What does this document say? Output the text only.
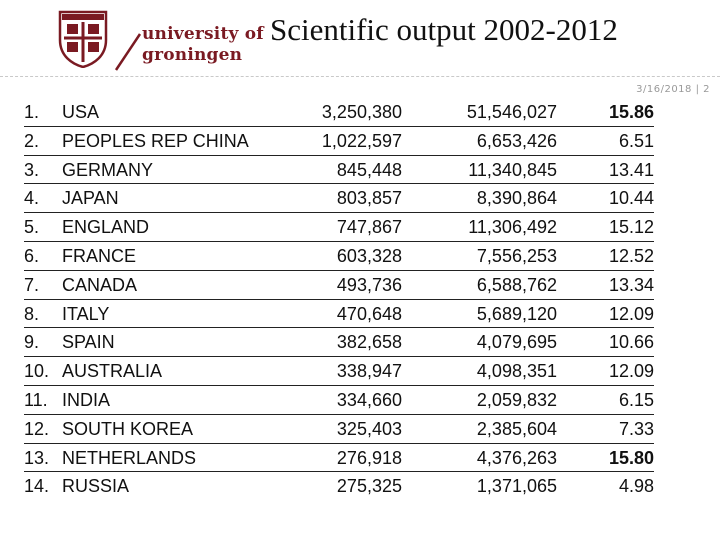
university of
groningen
Scientific output 2002-2012
3/16/2018 | 2
1.	USA	3,250,380	51,546,027	15.86
2.	PEOPLES REP CHINA	1,022,597	6,653,426	6.51
3.	GERMANY	845,448	11,340,845	13.41
4.	JAPAN	803,857	8,390,864	10.44
5.	ENGLAND	747,867	11,306,492	15.12
6.	FRANCE	603,328	7,556,253	12.52
7.	CANADA	493,736	6,588,762	13.34
8.	ITALY	470,648	5,689,120	12.09
9.	SPAIN	382,658	4,079,695	10.66
10. AUSTRALIA	338,947	4,098,351	12.09
11. INDIA	334,660	2,059,832	6.15
12. SOUTH KOREA	325,403	2,385,604	7.33
13. NETHERLANDS	276,918	4,376,263	15.80
14. RUSSIA	275,325	1,371,065	4.98
